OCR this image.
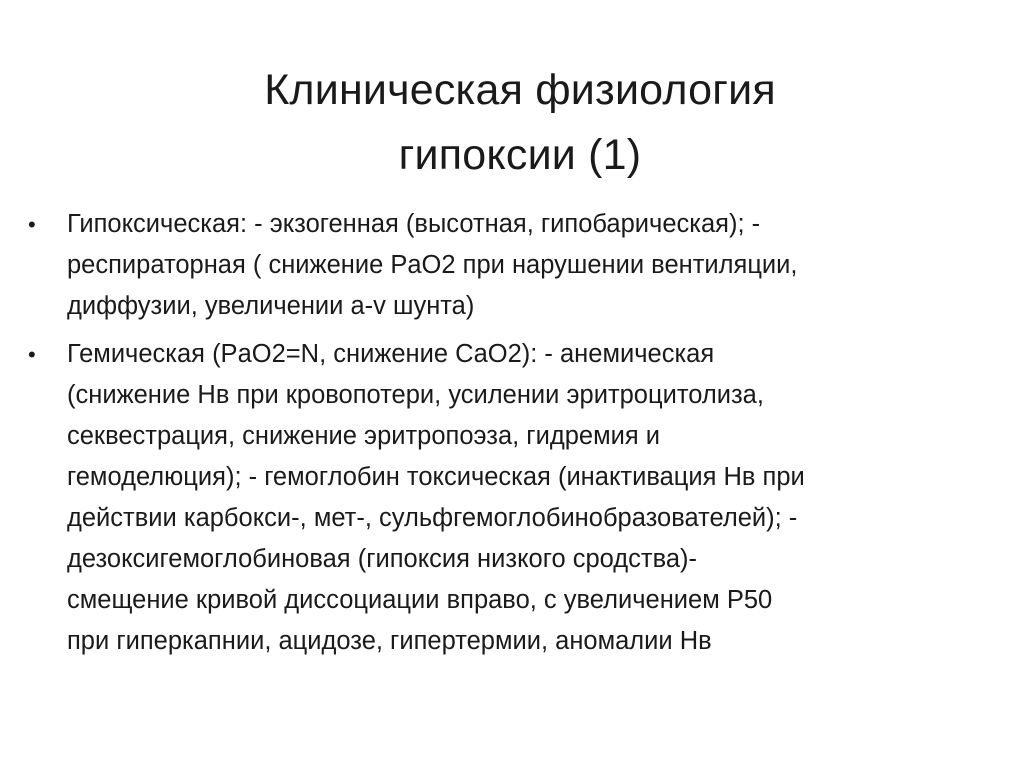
Клиническая физиология
гипоксии (1)
• Гипоксическая: - экзогенная (высотная, гипобарическая); -
респираторная ( снижение PaO2 при нарушении вентиляции,
диффузии, увеличении a-v шунта)
• Гемическая (PaO2=N, снижение CaO2): - анемическая
(снижение Нв при кровопотери, усилении эритроцитолиза,
секвестрация, снижение эритропоэза, гидремия и
гемоделюция); - гемоглобин токсическая (инактивация Нв при
действии карбокси-, мет-, сульфгемоглобинобразователей); -
дезоксигемоглобиновая (гипоксия низкого сродства)-
смещение кривой диссоциации вправо, с увеличением Р50
при гиперкапнии, ацидозе, гипертермии, аномалии Нв
